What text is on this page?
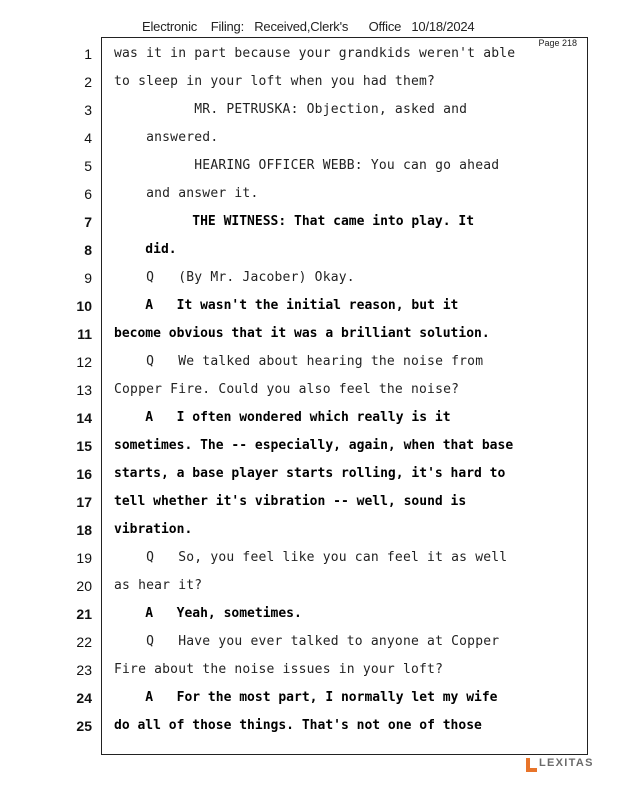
Electronic    Filing:   Received,Clerk's      Office   10/18/2024
Page 218
1 was it in part because your grandkids weren't able
2 to sleep in your loft when you had them?
3 MR. PETRUSKA: Objection, asked and
4 answered.
5 HEARING OFFICER WEBB: You can go ahead
6 and answer it.
7 THE WITNESS: That came into play. It
8 did.
9 Q   (By Mr. Jacober) Okay.
10 A   It wasn't the initial reason, but it
11 become obvious that it was a brilliant solution.
12 Q   We talked about hearing the noise from
13 Copper Fire. Could you also feel the noise?
14 A   I often wondered which really is it
15 sometimes. The -- especially, again, when that base
16 starts, a base player starts rolling, it's hard to
17 tell whether it's vibration -- well, sound is
18 vibration.
19 Q   So, you feel like you can feel it as well
20 as hear it?
21 A   Yeah, sometimes.
22 Q   Have you ever talked to anyone at Copper
23 Fire about the noise issues in your loft?
24 A   For the most part, I normally let my wife
25 do all of those things. That's not one of those
LEXITAS
